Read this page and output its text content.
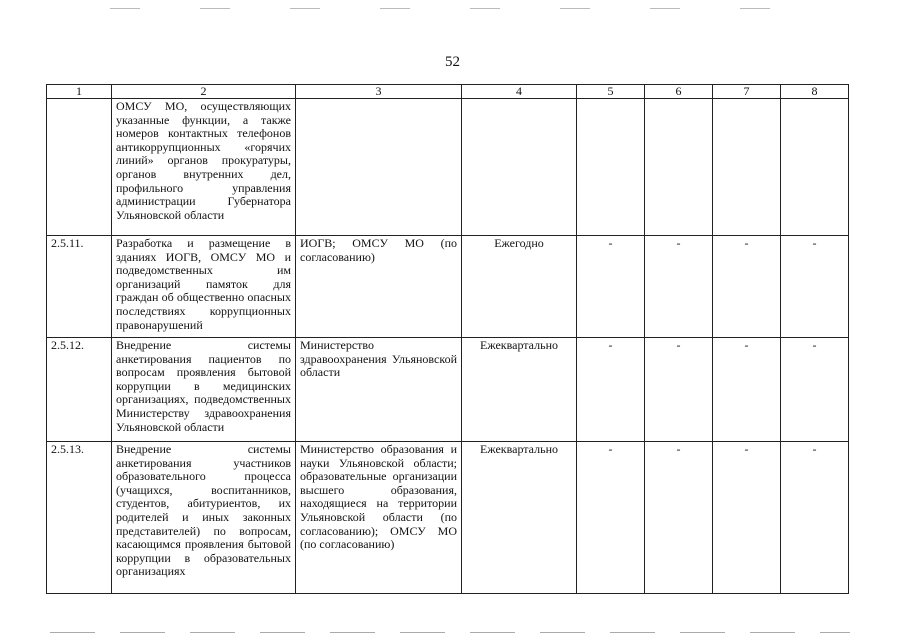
52
1	2	3	4	5	6	7	8
	ОМСУ МО, осуществляющих указанные функции, а также номеров контактных телефонов антикоррупционных «горячих линий» органов прокуратуры, органов внутренних дел, профильного управления администрации Губернатора Ульяновской области						
2.5.11.	Разработка и размещение в зданиях ИОГВ, ОМСУ МО и подведомственных им организаций памяток для граждан об общественно опасных последствиях коррупционных правонарушений	ИОГВ; ОМСУ МО (по согласованию)	Ежегодно	-	-	-	-
2.5.12.	Внедрение системы анкетирования пациентов по вопросам проявления бытовой коррупции в медицинских организациях, подведомственных Министерству здравоохранения Ульяновской области	Министерство здравоохранения Ульяновской области	Ежеквартально	-	-	-	-
2.5.13.	Внедрение системы анкетирования участников образовательного процесса (учащихся, воспитанников, студентов, абитуриентов, их родителей и иных законных представителей) по вопросам, касающимся проявления бытовой коррупции в образовательных организациях	Министерство образования и науки Ульяновской области; образовательные организации высшего образования, находящиеся на территории Ульяновской области (по согласованию); ОМСУ МО (по согласованию)	Ежеквартально	-	-	-	-
